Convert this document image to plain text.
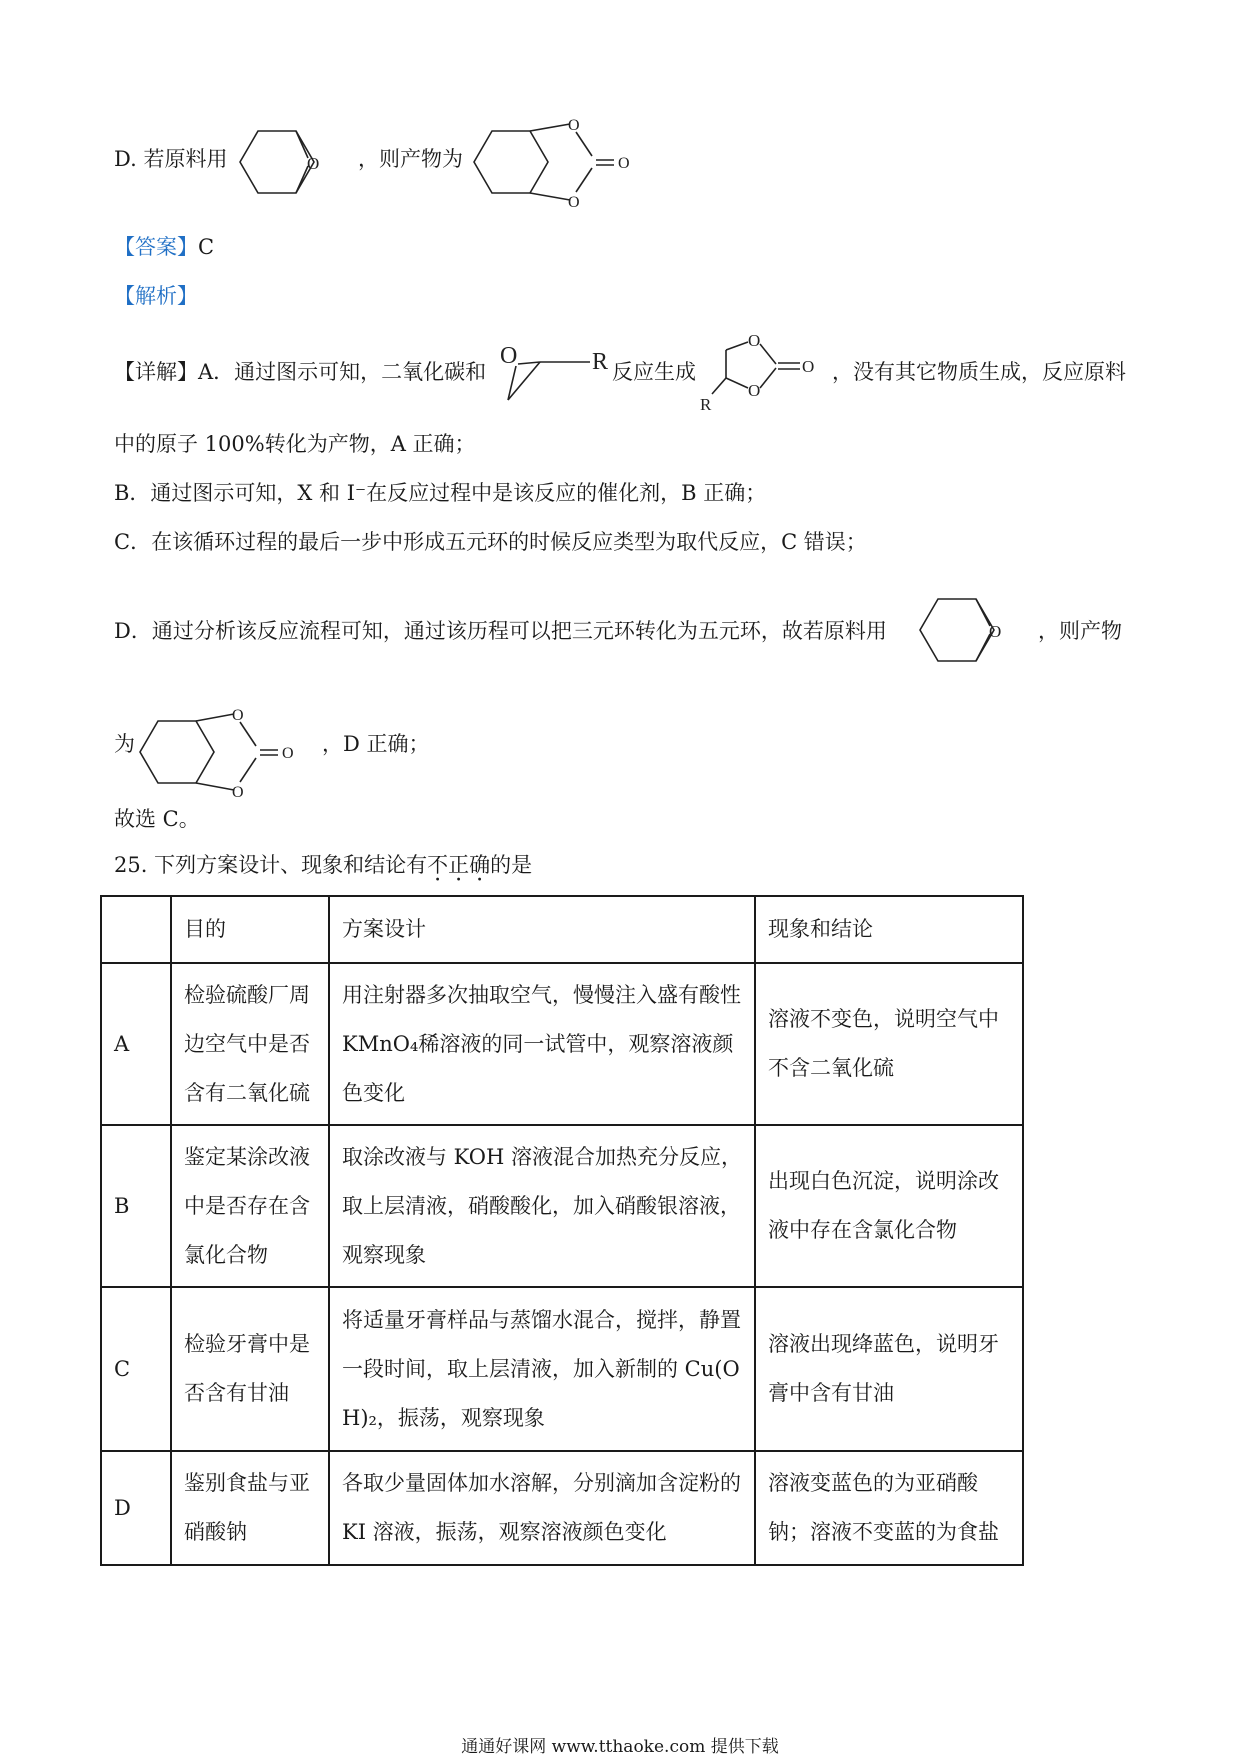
D. 若原料用	O ，则产物为
O
O
O
【答案】C
【解析】
【详解】A．通过图示可知，二氧化碳和
O	R 反应生成
O
O
O
R
，没有其它物质生成，反应原料
中的原子 100%转化为产物，A 正确；
B．通过图示可知，X 和 I⁻在反应过程中是该反应的催化剂，B 正确；
C．在该循环过程的最后一步中形成五元环的时候反应类型为取代反应，C 错误；
D．通过分析该反应流程可知，通过该历程可以把三元环转化为五元环，故若原料用	O ，则产物
为
O
O
O ，D 正确；
故选 C。
25. 下列方案设计、现象和结论有不正确的是
	目的	方案设计	现象和结论
A	检验硫酸厂周边空气中是否含有二氧化硫	用注射器多次抽取空气，慢慢注入盛有酸性 KMnO₄稀溶液的同一试管中，观察溶液颜色变化	溶液不变色，说明空气中不含二氧化硫
B	鉴定某涂改液中是否存在含氯化合物	取涂改液与 KOH 溶液混合加热充分反应，取上层清液，硝酸酸化，加入硝酸银溶液，观察现象	出现白色沉淀，说明涂改液中存在含氯化合物
C	检验牙膏中是否含有甘油	将适量牙膏样品与蒸馏水混合，搅拌，静置一段时间，取上层清液，加入新制的 Cu(OH)₂，振荡，观察现象	溶液出现绛蓝色，说明牙膏中含有甘油
D	鉴别食盐与亚硝酸钠	各取少量固体加水溶解，分别滴加含淀粉的 KI 溶液，振荡，观察溶液颜色变化	溶液变蓝色的为亚硝酸钠；溶液不变蓝的为食盐
通通好课网 www.tthaoke.com 提供下载
